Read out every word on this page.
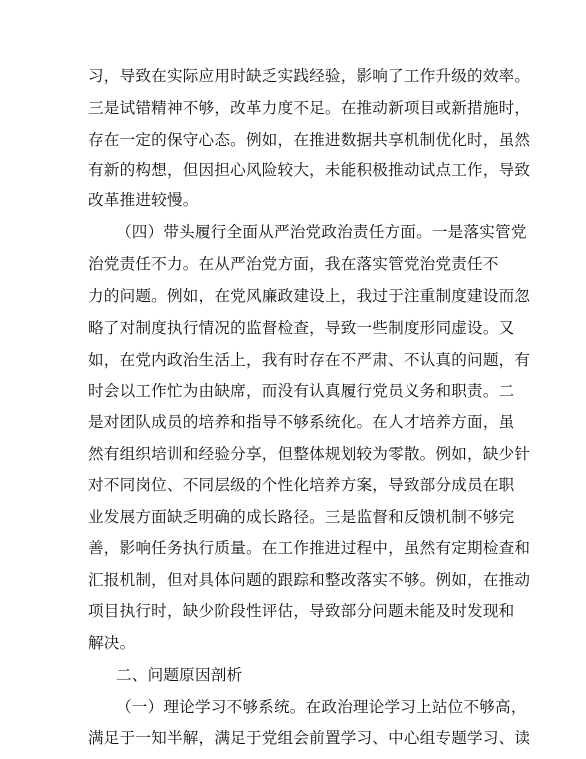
习，导致在实际应用时缺乏实践经验，影响了工作升级的效率。
三是试错精神不够，改革力度不足。在推动新项目或新措施时，
存在一定的保守心态。例如，在推进数据共享机制优化时，虽然
有新的构想，但因担心风险较大，未能积极推动试点工作，导致
改革推进较慢。
（四）带头履行全面从严治党政治责任方面。一是落实管党
治党责任不力。在从严治党方面，我在落实管党治党责任不
力的问题。例如，在党风廉政建设上，我过于注重制度建设而忽
略了对制度执行情况的监督检查，导致一些制度形同虚设。又
如，在党内政治生活上，我有时存在不严肃、不认真的问题，有
时会以工作忙为由缺席，而没有认真履行党员义务和职责。二
是对团队成员的培养和指导不够系统化。在人才培养方面，虽
然有组织培训和经验分享，但整体规划较为零散。例如，缺少针
对不同岗位、不同层级的个性化培养方案，导致部分成员在职
业发展方面缺乏明确的成长路径。三是监督和反馈机制不够完
善，影响任务执行质量。在工作推进过程中，虽然有定期检查和
汇报机制，但对具体问题的跟踪和整改落实不够。例如，在推动
项目执行时，缺少阶段性评估，导致部分问题未能及时发现和
解决。
二、问题原因剖析
（一）理论学习不够系统。在政治理论学习上站位不够高，
满足于一知半解，满足于党组会前置学习、中心组专题学习、读
